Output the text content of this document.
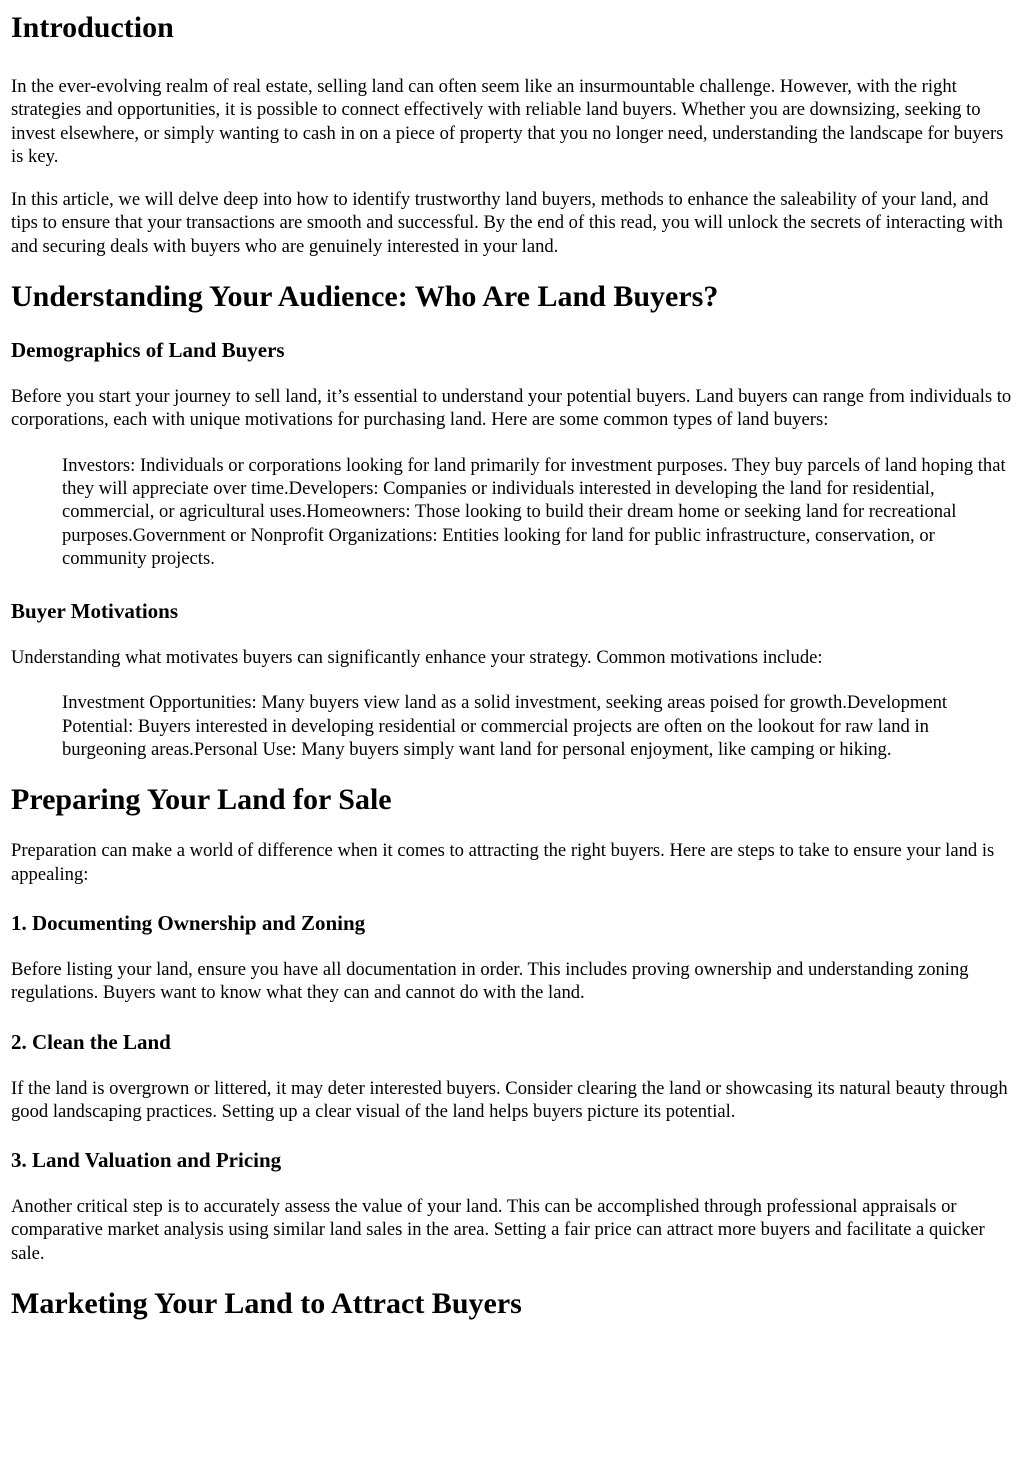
Introduction

In the ever-evolving realm of real estate, selling land can often seem like an insurmountable challenge. However, with the right strategies and opportunities, it is possible to connect effectively with reliable land buyers. Whether you are downsizing, seeking to invest elsewhere, or simply wanting to cash in on a piece of property that you no longer need, understanding the landscape for buyers is key.

In this article, we will delve deep into how to identify trustworthy land buyers, methods to enhance the saleability of your land, and tips to ensure that your transactions are smooth and successful. By the end of this read, you will unlock the secrets of interacting with and securing deals with buyers who are genuinely interested in your land.

Understanding Your Audience: Who Are Land Buyers?
Demographics of Land Buyers

Before you start your journey to sell land, it’s essential to understand your potential buyers. Land buyers can range from individuals to corporations, each with unique motivations for purchasing land. Here are some common types of land buyers:

Investors: Individuals or corporations looking for land primarily for investment purposes. They buy parcels of land hoping that they will appreciate over time.Developers: Companies or individuals interested in developing the land for residential, commercial, or agricultural uses.Homeowners: Those looking to build their dream home or seeking land for recreational purposes.Government or Nonprofit Organizations: Entities looking for land for public infrastructure, conservation, or community projects.
Buyer Motivations

Understanding what motivates buyers can significantly enhance your strategy. Common motivations include:

Investment Opportunities: Many buyers view land as a solid investment, seeking areas poised for growth.Development Potential: Buyers interested in developing residential or commercial projects are often on the lookout for raw land in burgeoning areas.Personal Use: Many buyers simply want land for personal enjoyment, like camping or hiking.
Preparing Your Land for Sale

Preparation can make a world of difference when it comes to attracting the right buyers. Here are steps to take to ensure your land is appealing:

1. Documenting Ownership and Zoning

Before listing your land, ensure you have all documentation in order. This includes proving ownership and understanding zoning regulations. Buyers want to know what they can and cannot do with the land.

2. Clean the Land

If the land is overgrown or littered, it may deter interested buyers. Consider clearing the land or showcasing its natural beauty through good landscaping practices. Setting up a clear visual of the land helps buyers picture its potential.

3. Land Valuation and Pricing

Another critical step is to accurately assess the value of your land. This can be accomplished through professional appraisals or comparative market analysis using similar land sales in the area. Setting a fair price can attract more buyers and facilitate a quicker sale.

Marketing Your Land to Attract Buyers
